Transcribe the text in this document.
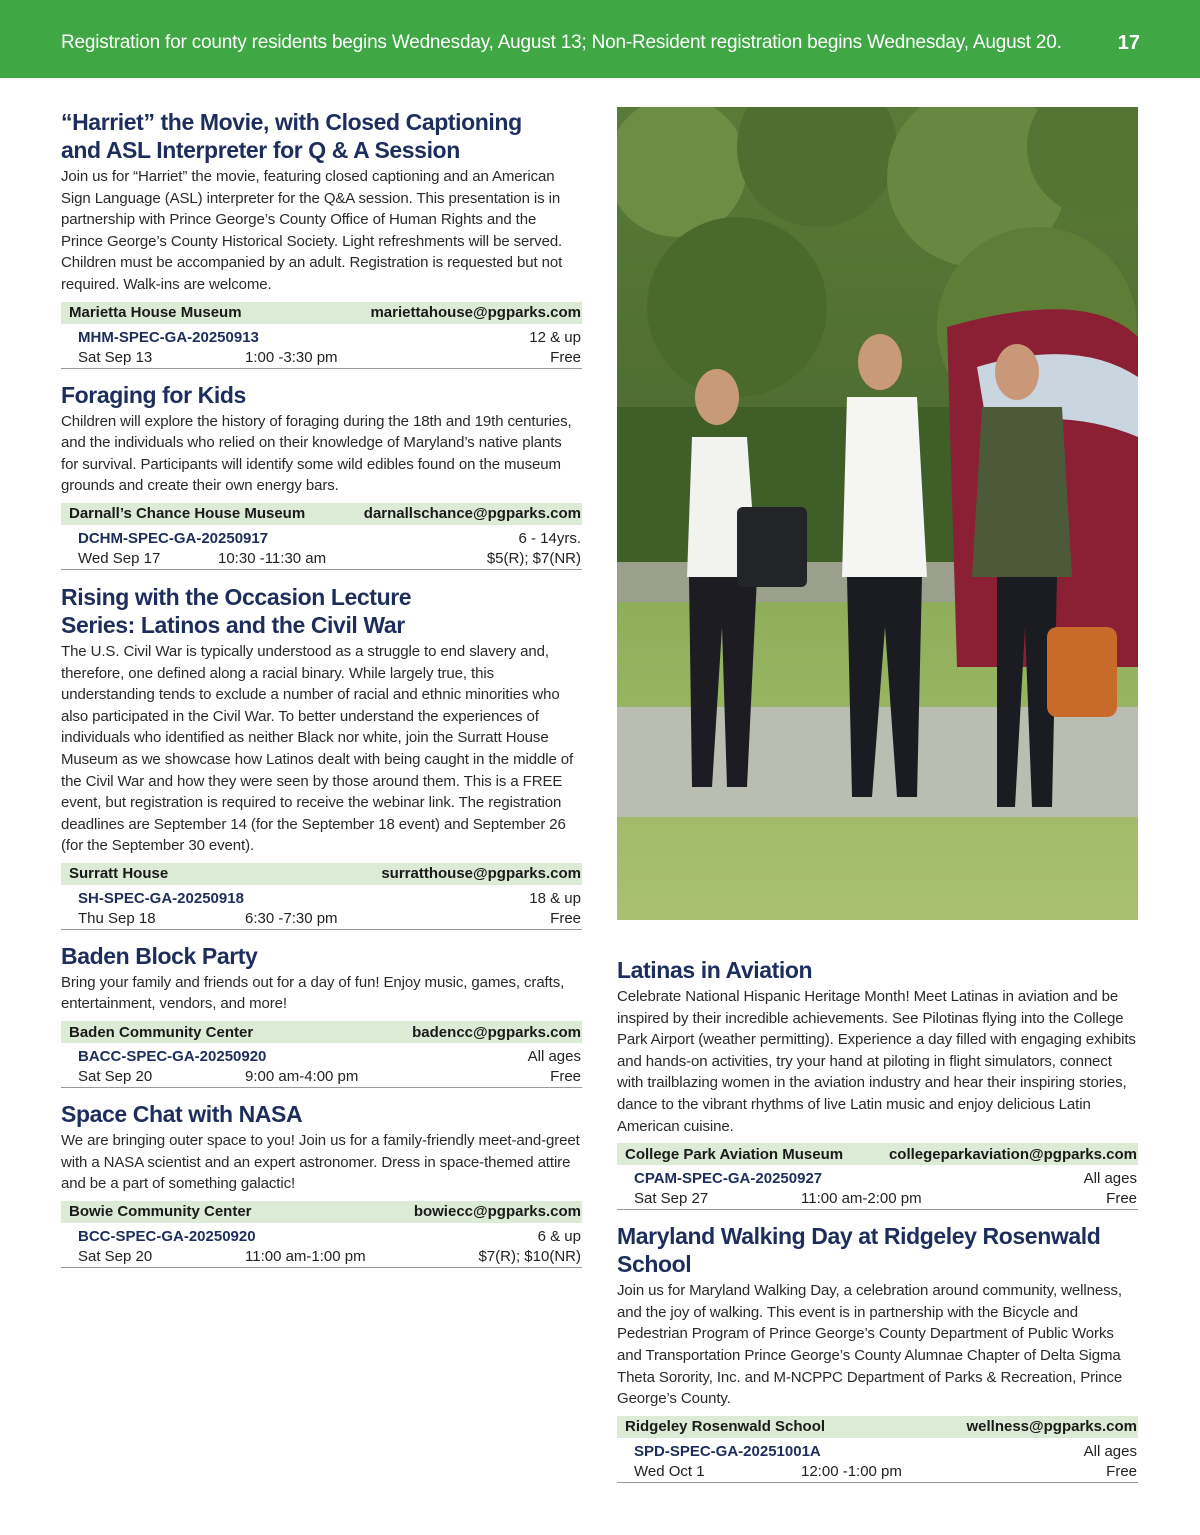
Registration for county residents begins Wednesday, August 13; Non-Resident registration begins Wednesday, August 20.	17
“Harriet” the Movie, with Closed Captioning
and ASL Interpreter for Q & A Session
Join us for “Harriet” the movie, featuring closed captioning and an American Sign Language (ASL) interpreter for the Q&A session. This presentation is in partnership with Prince George’s County Office of Human Rights and the Prince George’s County Historical Society. Light refreshments will be served. Children must be accompanied by an adult. Registration is requested but not required. Walk-ins are welcome.
Marietta House Museum	mariettahouse@pgparks.com
MHM-SPEC-GA-20250913	12 & up
Sat Sep 13	1:00 -3:30 pm	Free
Foraging for Kids
Children will explore the history of foraging during the 18th and 19th centuries, and the individuals who relied on their knowledge of Maryland’s native plants for survival. Participants will identify some wild edibles found on the museum grounds and create their own energy bars.
Darnall’s Chance House Museum	darnallschance@pgparks.com
DCHM-SPEC-GA-20250917	6 - 14yrs.
Wed Sep 17	10:30 -11:30 am	$5(R); $7(NR)
Rising with the Occasion Lecture
Series: Latinos and the Civil War
The U.S. Civil War is typically understood as a struggle to end slavery and, therefore, one defined along a racial binary. While largely true, this understanding tends to exclude a number of racial and ethnic minorities who also participated in the Civil War. To better understand the experiences of individuals who identified as neither Black nor white, join the Surratt House Museum as we showcase how Latinos dealt with being caught in the middle of the Civil War and how they were seen by those around them. This is a FREE event, but registration is required to receive the webinar link. The registration deadlines are September 14 (for the September 18 event) and September 26 (for the September 30 event).
Surratt House	surratthouse@pgparks.com
SH-SPEC-GA-20250918	18 & up
Thu Sep 18	6:30 -7:30 pm	Free
Baden Block Party
Bring your family and friends out for a day of fun! Enjoy music, games, crafts, entertainment, vendors, and more!
Baden Community Center	badencc@pgparks.com
BACC-SPEC-GA-20250920	All ages
Sat Sep 20	9:00 am-4:00 pm	Free
Space Chat with NASA
We are bringing outer space to you! Join us for a family-friendly meet-and-greet with a NASA scientist and an expert astronomer. Dress in space-themed attire and be a part of something galactic!
Bowie Community Center	bowiecc@pgparks.com
BCC-SPEC-GA-20250920	6 & up
Sat Sep 20	11:00 am-1:00 pm	$7(R); $10(NR)
Latinas in Aviation
Celebrate National Hispanic Heritage Month! Meet Latinas in aviation and be inspired by their incredible achievements. See Pilotinas flying into the College Park Airport (weather permitting). Experience a day filled with engaging exhibits and hands-on activities, try your hand at piloting in flight simulators, connect with trailblazing women in the aviation industry and hear their inspiring stories, dance to the vibrant rhythms of live Latin music and enjoy delicious Latin American cuisine.
College Park Aviation Museum	collegeparkaviation@pgparks.com
CPAM-SPEC-GA-20250927	All ages
Sat Sep 27	11:00 am-2:00 pm	Free
Maryland Walking Day at Ridgeley Rosenwald School
Join us for Maryland Walking Day, a celebration around community, wellness, and the joy of walking. This event is in partnership with the Bicycle and Pedestrian Program of Prince George’s County Department of Public Works and Transportation Prince George’s County Alumnae Chapter of Delta Sigma Theta Sorority, Inc. and M-NCPPC Department of Parks & Recreation, Prince George’s County.
Ridgeley Rosenwald School	wellness@pgparks.com
SPD-SPEC-GA-20251001A	All ages
Wed Oct 1	12:00 -1:00 pm	Free
